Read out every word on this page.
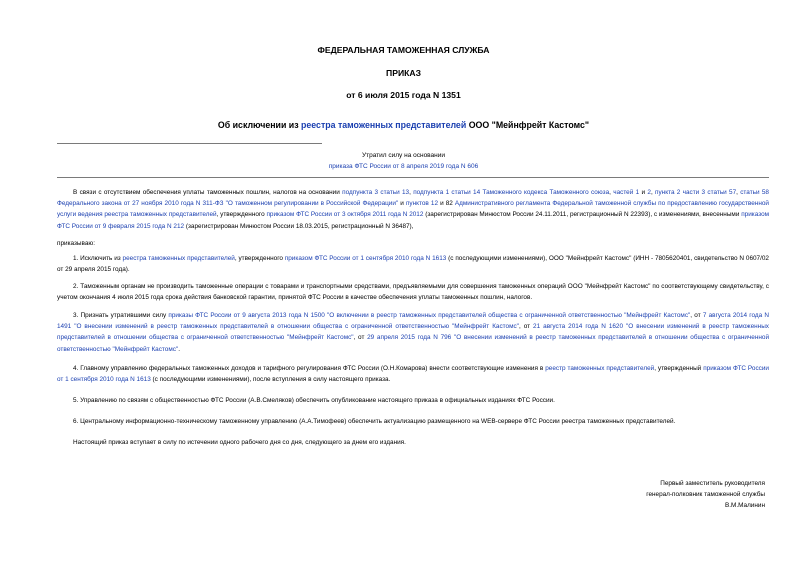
ФЕДЕРАЛЬНАЯ ТАМОЖЕННАЯ СЛУЖБА
ПРИКАЗ
от 6 июля 2015 года N 1351
Об исключении из реестра таможенных представителей ООО "Мейнфрейт Кастомс"
Утратил силу на основании
приказа ФТС России от 8 апреля 2019 года N 606
В связи с отсутствием обеспечения уплаты таможенных пошлин, налогов на основании подпункта 3 статьи 13, подпункта 1 статьи 14 Таможенного кодекса Таможенного союза, частей 1 и 2, пункта 2 части 3 статьи 57, статьи 58 Федерального закона от 27 ноября 2010 года N 311-ФЗ "О таможенном регулировании в Российской Федерации" и пунктов 12 и 82 Административного регламента Федеральной таможенной службы по предоставлению государственной услуги ведения реестра таможенных представителей, утвержденного приказом ФТС России от 3 октября 2011 года N 2012 (зарегистрирован Минюстом России 24.11.2011, регистрационный N 22393), с изменениями, внесенными приказом ФТС России от 9 февраля 2015 года N 212 (зарегистрирован Минюстом России 18.03.2015, регистрационный N 36487),
приказываю:
1. Исключить из реестра таможенных представителей, утвержденного приказом ФТС России от 1 сентября 2010 года N 1613 (с последующими изменениями), ООО "Мейнфрейт Кастомс" (ИНН - 7805620401, свидетельство N 0607/02 от 29 апреля 2015 года).
2. Таможенным органам не производить таможенные операции с товарами и транспортными средствами, предъявляемыми для совершения таможенных операций ООО "Мейнфрейт Кастомс" по соответствующему свидетельству, с учетом окончания 4 июля 2015 года срока действия банковской гарантии, принятой ФТС России в качестве обеспечения уплаты таможенных пошлин, налогов.
3. Признать утратившими силу приказы ФТС России от 9 августа 2013 года N 1500 "О включении в реестр таможенных представителей общества с ограниченной ответственностью "Мейнфрейт Кастомс", от 7 августа 2014 года N 1491 "О внесении изменений в реестр таможенных представителей в отношении общества с ограниченной ответственностью "Мейнфрейт Кастомс", от 21 августа 2014 года N 1620 "О внесении изменений в реестр таможенных представителей в отношении общества с ограниченной ответственностью "Мейнфрейт Кастомс", от 29 апреля 2015 года N 796 "О внесении изменений в реестр таможенных представителей в отношении общества с ограниченной ответственностью "Мейнфрейт Кастомс".
4. Главному управлению федеральных таможенных доходов и тарифного регулирования ФТС России (О.Н.Комарова) внести соответствующие изменения в реестр таможенных представителей, утвержденный приказом ФТС России от 1 сентября 2010 года N 1613 (с последующими изменениями), после вступления в силу настоящего приказа.
5. Управлению по связям с общественностью ФТС России (А.В.Смеляков) обеспечить опубликование настоящего приказа в официальных изданиях ФТС России.
6. Центральному информационно-техническому таможенному управлению (А.А.Тимофеев) обеспечить актуализацию размещенного на WEB-сервере ФТС России реестра таможенных представителей.
Настоящий приказ вступает в силу по истечении одного рабочего дня со дня, следующего за днем его издания.
Первый заместитель руководителя
генерал-полковник таможенной службы
В.М.Малинин
